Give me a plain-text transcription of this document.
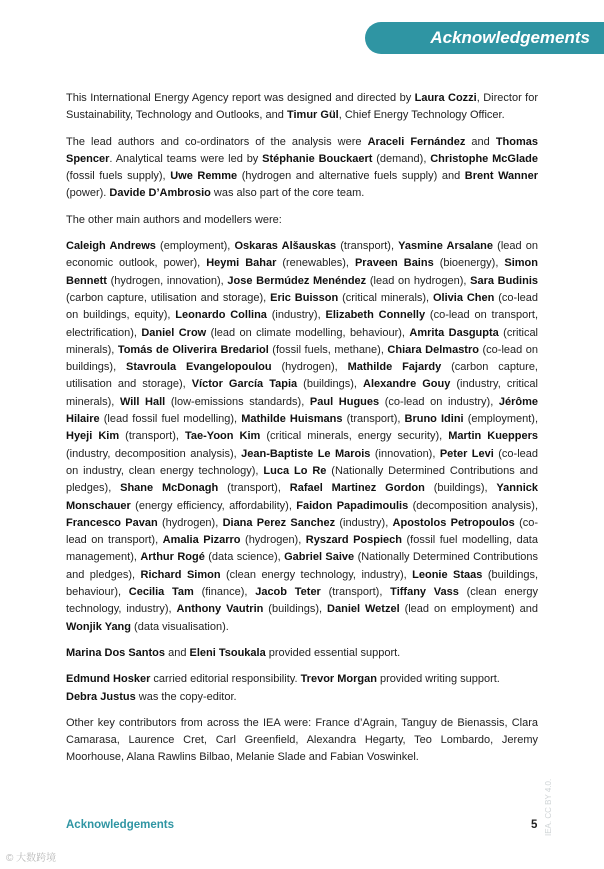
Acknowledgements

This International Energy Agency report was designed and directed by Laura Cozzi, Director for Sustainability, Technology and Outlooks, and Timur Gül, Chief Energy Technology Officer.

The lead authors and co-ordinators of the analysis were Araceli Fernández and Thomas Spencer. Analytical teams were led by Stéphanie Bouckaert (demand), Christophe McGlade (fossil fuels supply), Uwe Remme (hydrogen and alternative fuels supply) and Brent Wanner (power). Davide D’Ambrosio was also part of the core team.

The other main authors and modellers were:

Caleigh Andrews (employment), Oskaras Alšauskas (transport), Yasmine Arsalane (lead on economic outlook, power), Heymi Bahar (renewables), Praveen Bains (bioenergy), Simon Bennett (hydrogen, innovation), Jose Bermúdez Menéndez (lead on hydrogen), Sara Budinis (carbon capture, utilisation and storage), Eric Buisson (critical minerals), Olivia Chen (co-lead on buildings, equity), Leonardo Collina (industry), Elizabeth Connelly (co-lead on transport, electrification), Daniel Crow (lead on climate modelling, behaviour), Amrita Dasgupta (critical minerals), Tomás de Oliverira Bredariol (fossil fuels, methane), Chiara Delmastro (co-lead on buildings), Stavroula Evangelopoulou (hydrogen), Mathilde Fajardy (carbon capture, utilisation and storage), Víctor García Tapia (buildings), Alexandre Gouy (industry, critical minerals), Will Hall (low-emissions standards), Paul Hugues (co-lead on industry), Jérôme Hilaire (lead fossil fuel modelling), Mathilde Huismans (transport), Bruno Idini (employment), Hyeji Kim (transport), Tae-Yoon Kim (critical minerals, energy security), Martin Kueppers (industry, decomposition analysis), Jean-Baptiste Le Marois (innovation), Peter Levi (co-lead on industry, clean energy technology), Luca Lo Re (Nationally Determined Contributions and pledges), Shane McDonagh (transport), Rafael Martinez Gordon (buildings), Yannick Monschauer (energy efficiency, affordability), Faidon Papadimoulis (decomposition analysis), Francesco Pavan (hydrogen), Diana Perez Sanchez (industry), Apostolos Petropoulos (co-lead on transport), Amalia Pizarro (hydrogen), Ryszard Pospiech (fossil fuel modelling, data management), Arthur Rogé (data science), Gabriel Saive (Nationally Determined Contributions and pledges), Richard Simon (clean energy technology, industry), Leonie Staas (buildings, behaviour), Cecilia Tam (finance), Jacob Teter (transport), Tiffany Vass (clean energy technology, industry), Anthony Vautrin (buildings), Daniel Wetzel (lead on employment) and Wonjik Yang (data visualisation).

Marina Dos Santos and Eleni Tsoukala provided essential support.

Edmund Hosker carried editorial responsibility. Trevor Morgan provided writing support.
Debra Justus was the copy-editor.

Other key contributors from across the IEA were: France d’Agrain, Tanguy de Bienassis, Clara Camarasa, Laurence Cret, Carl Greenfield, Alexandra Hegarty, Teo Lombardo, Jeremy Moorhouse, Alana Rawlins Bilbao, Melanie Slade and Fabian Voswinkel.

Acknowledgements	5 IEA. CC BY 4.0.
© 大数跨境
